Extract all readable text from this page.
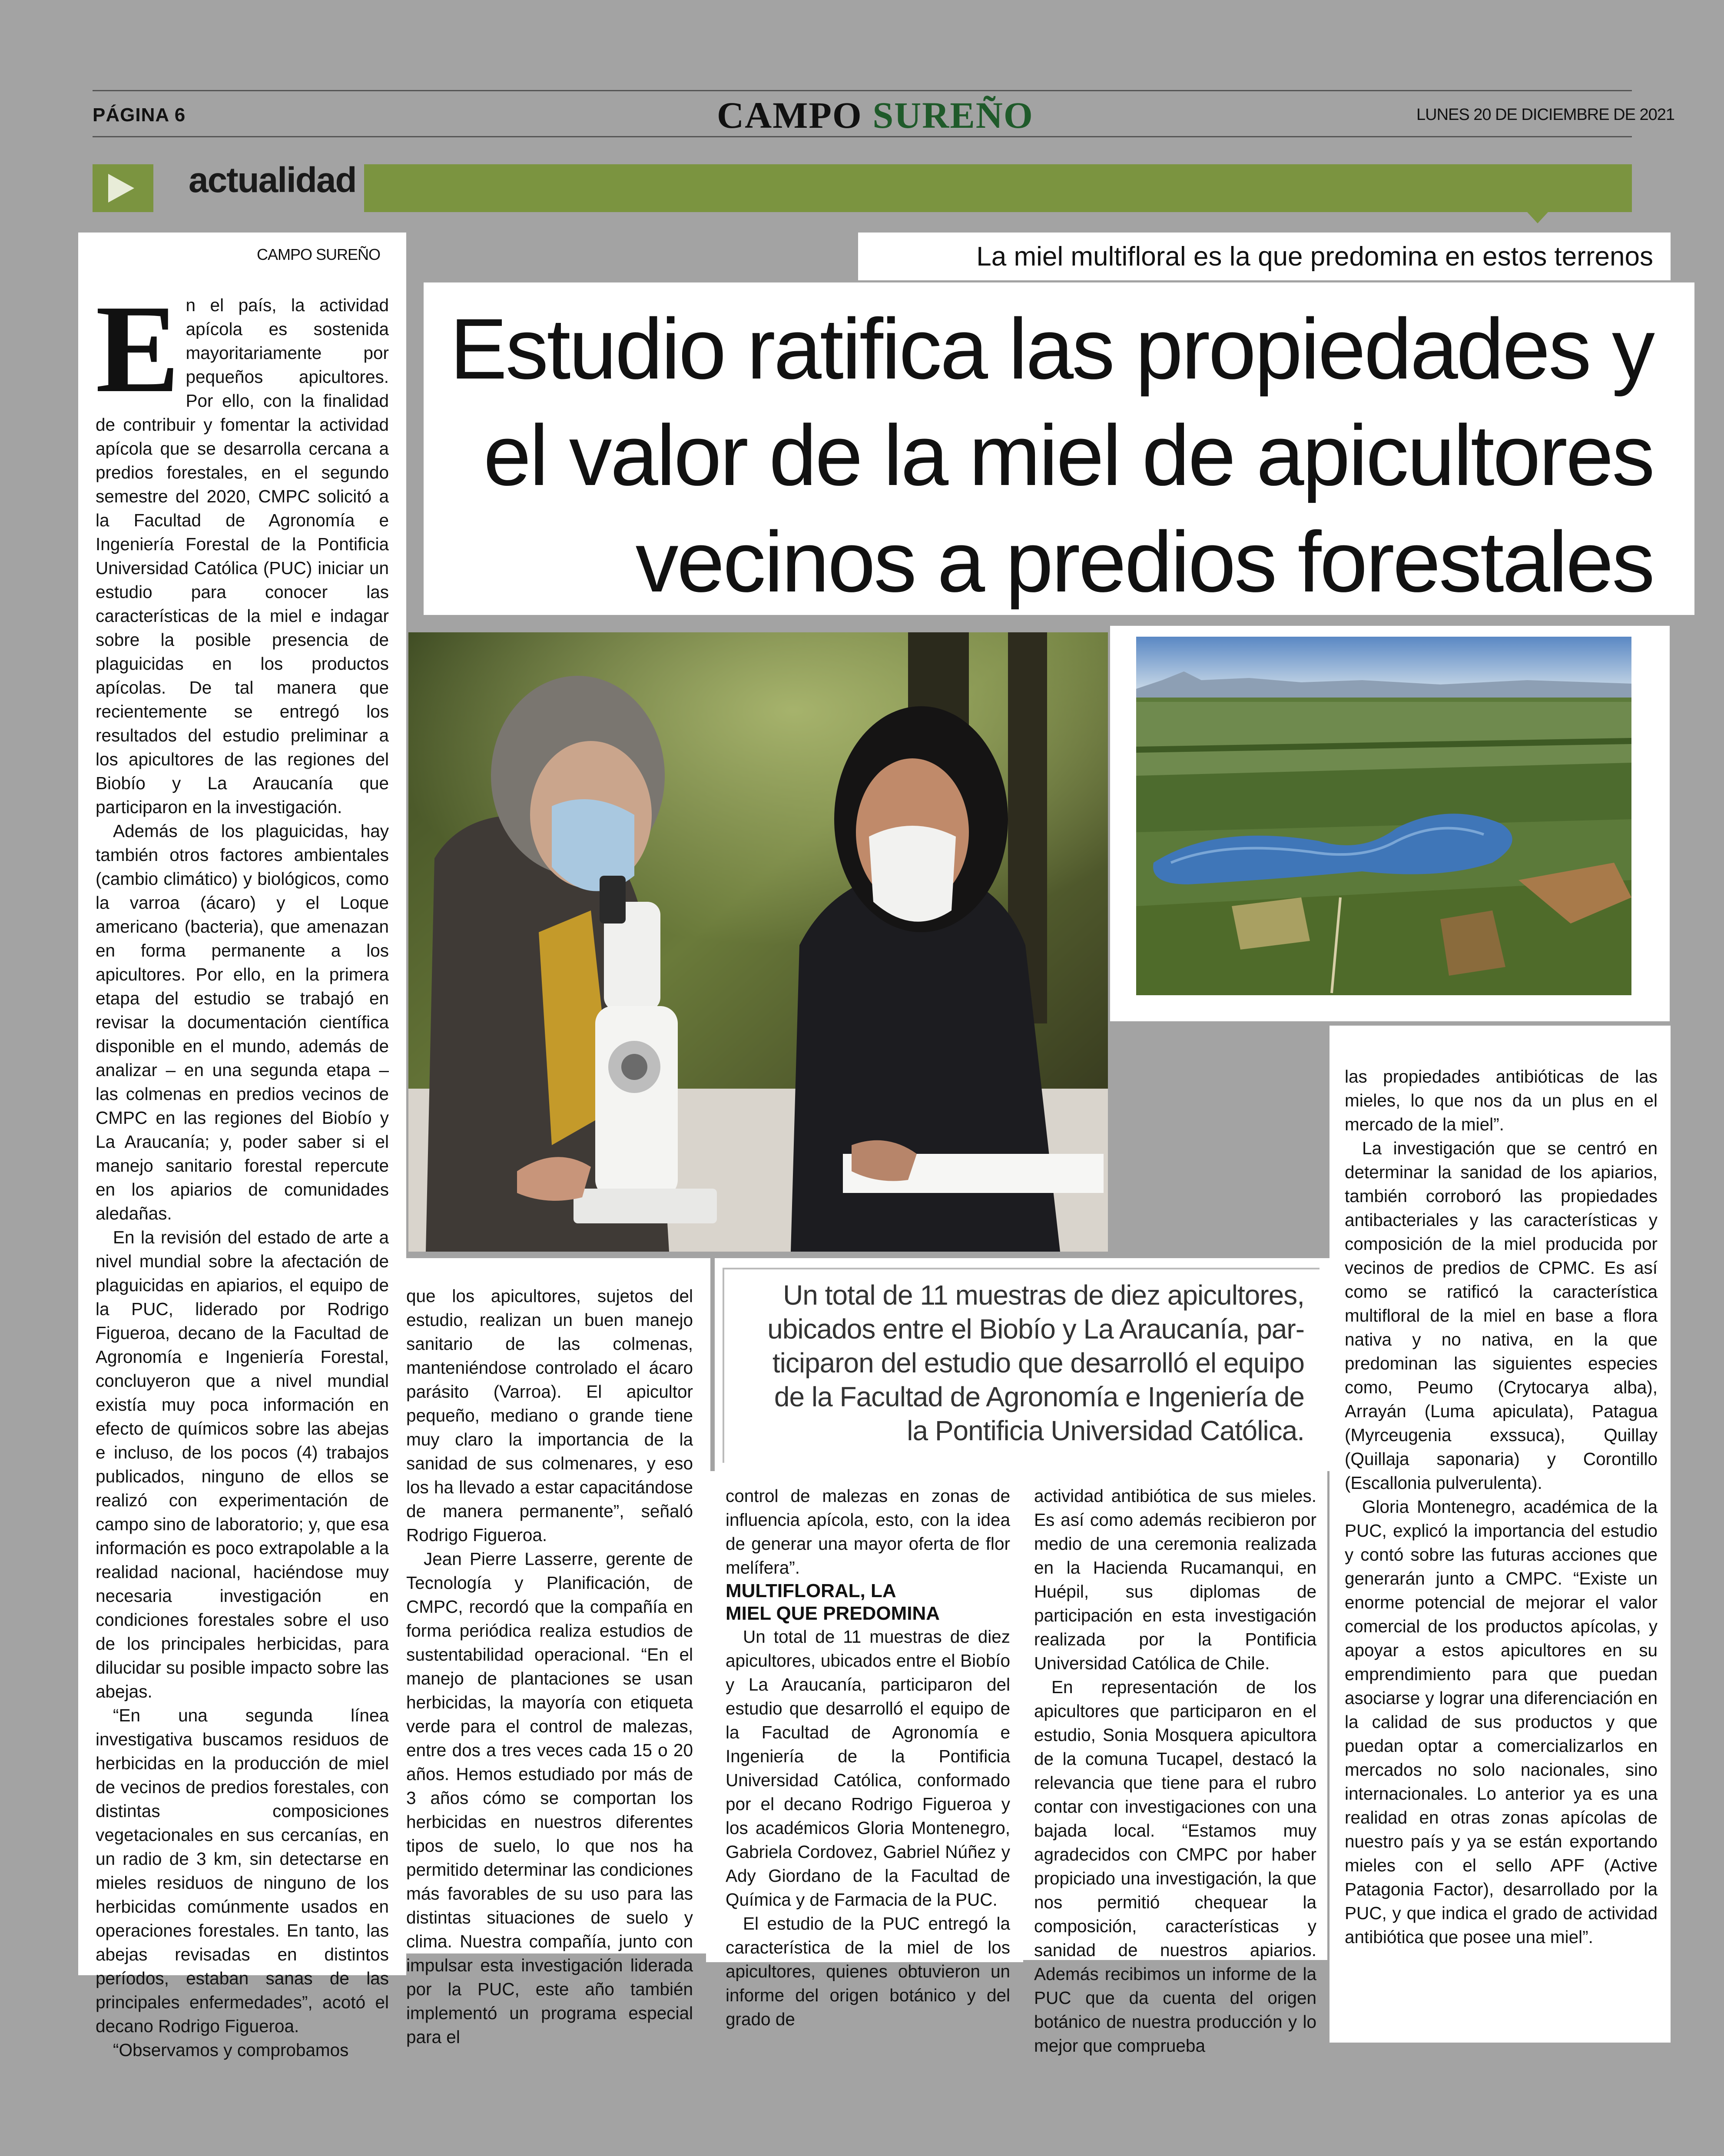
PÁGINA 6	CAMPO SUREÑO	LUNES 20 DE DICIEMBRE DE 2021
actualidad
CAMPO SUREÑO

En el país, la actividad apícola es sostenida mayoritariamente por pequeños apicultores. Por ello, con la finalidad de contribuir y fomentar la actividad apícola que se desarrolla cercana a predios forestales, en el segundo semestre del 2020, CMPC solicitó a la Facultad de Agronomía e Ingeniería Forestal de la Pontificia Universidad Católica (PUC) iniciar un estudio para conocer las características de la miel e indagar sobre la posible presencia de plaguicidas en los productos apícolas. De tal manera que recientemente se entregó los resultados del estudio preliminar a los apicultores de las regiones del Biobío y La Araucanía que participaron en la investigación.

Además de los plaguicidas, hay también otros factores ambientales (cambio climático) y biológicos, como la varroa (ácaro) y el Loque americano (bacteria), que amenazan en forma permanente a los apicultores. Por ello, en la primera etapa del estudio se trabajó en revisar la documentación científica disponible en el mundo, además de analizar – en una segunda etapa – las colmenas en predios vecinos de CMPC en las regiones del Biobío y La Araucanía; y, poder saber si el manejo sanitario forestal repercute en los apiarios de comunidades aledañas.

En la revisión del estado de arte a nivel mundial sobre la afectación de plaguicidas en apiarios, el equipo de la PUC, liderado por Rodrigo Figueroa, decano de la Facultad de Agronomía e Ingeniería Forestal, concluyeron que a nivel mundial existía muy poca información en efecto de químicos sobre las abejas e incluso, de los pocos (4) trabajos publicados, ninguno de ellos se realizó con experimentación de campo sino de laboratorio; y, que esa información es poco extrapolable a la realidad nacional, haciéndose muy necesaria investigación en condiciones forestales sobre el uso de los principales herbicidas, para dilucidar su posible impacto sobre las abejas.

“En una segunda línea investigativa buscamos residuos de herbicidas en la producción de miel de vecinos de predios forestales, con distintas composiciones vegetacionales en sus cercanías, en un radio de 3 km, sin detectarse en mieles residuos de ninguno de los herbicidas comúnmente usados en operaciones forestales. En tanto, las abejas revisadas en distintos períodos, estaban sanas de las principales enfermedades”, acotó el decano Rodrigo Figueroa.

“Observamos y comprobamos

La miel multifloral es la que predomina en estos terrenos
Estudio ratifica las propiedades y
el valor de la miel de apicultores
vecinos a predios forestales

que los apicultores, sujetos del estudio, realizan un buen manejo sanitario de las colmenas, manteniéndose controlado el ácaro parásito (Varroa). El apicultor pequeño, mediano o grande tiene muy claro la importancia de la sanidad de sus colmenares, y eso los ha llevado a estar capacitándose de manera permanente”, señaló Rodrigo Figueroa.

Jean Pierre Lasserre, gerente de Tecnología y Planificación, de CMPC, recordó que la compañía en forma periódica realiza estudios de sustentabilidad operacional. “En el manejo de plantaciones se usan herbicidas, la mayoría con etiqueta verde para el control de malezas, entre dos a tres veces cada 15 o 20 años. Hemos estudiado por más de 3 años cómo se comportan los herbicidas en nuestros diferentes tipos de suelo, lo que nos ha permitido determinar las condiciones más favorables de su uso para las distintas situaciones de suelo y clima. Nuestra compañía, junto con impulsar esta investigación liderada por la PUC, este año también implementó un programa especial para el

Un total de 11 muestras de diez apicultores,
ubicados entre el Biobío y La Araucanía, par-
ticiparon del estudio que desarrolló el equipo
de la Facultad de Agronomía e Ingeniería de
la Pontificia Universidad Católica.

control de malezas en zonas de influencia apícola, esto, con la idea de generar una mayor oferta de flor melífera”.

MULTIFLORAL, LA
MIEL QUE PREDOMINA

Un total de 11 muestras de diez apicultores, ubicados entre el Biobío y La Araucanía, participaron del estudio que desarrolló el equipo de la Facultad de Agronomía e Ingeniería de la Pontificia Universidad Católica, conformado por el decano Rodrigo Figueroa y los académicos Gloria Montenegro, Gabriela Cordovez, Gabriel Núñez y Ady Giordano de la Facultad de Química y de Farmacia de la PUC.

El estudio de la PUC entregó la característica de la miel de los apicultores, quienes obtuvieron un informe del origen botánico y del grado de

actividad antibiótica de sus mieles. Es así como además recibieron por medio de una ceremonia realizada en la Hacienda Rucamanqui, en Huépil, sus diplomas de participación en esta investigación realizada por la Pontificia Universidad Católica de Chile.

En representación de los apicultores que participaron en el estudio, Sonia Mosquera apicultora de la comuna Tucapel, destacó la relevancia que tiene para el rubro contar con investigaciones con una bajada local. “Estamos muy agradecidos con CMPC por haber propiciado una investigación, la que nos permitió chequear la composición, características y sanidad de nuestros apiarios. Además recibimos un informe de la PUC que da cuenta del origen botánico de nuestra producción y lo mejor que comprueba

las propiedades antibióticas de las mieles, lo que nos da un plus en el mercado de la miel”.

La investigación que se centró en determinar la sanidad de los apiarios, también corroboró las propiedades antibacteriales y las características y composición de la miel producida por vecinos de predios de CPMC. Es así como se ratificó la característica multifloral de la miel en base a flora nativa y no nativa, en la que predominan las siguientes especies como, Peumo (Crytocarya alba), Arrayán (Luma apiculata), Patagua (Myrceugenia exssuca), Quillay (Quillaja saponaria) y Corontillo (Escallonia pulverulenta).

Gloria Montenegro, académica de la PUC, explicó la importancia del estudio y contó sobre las futuras acciones que generarán junto a CMPC. “Existe un enorme potencial de mejorar el valor comercial de los productos apícolas, y apoyar a estos apicultores en su emprendimiento para que puedan asociarse y lograr una diferenciación en la calidad de sus productos y que puedan optar a comercializarlos en mercados no solo nacionales, sino internacionales. Lo anterior ya es una realidad en otras zonas apícolas de nuestro país y ya se están exportando mieles con el sello APF (Active Patagonia Factor), desarrollado por la PUC, y que indica el grado de actividad antibiótica que posee una miel”.
